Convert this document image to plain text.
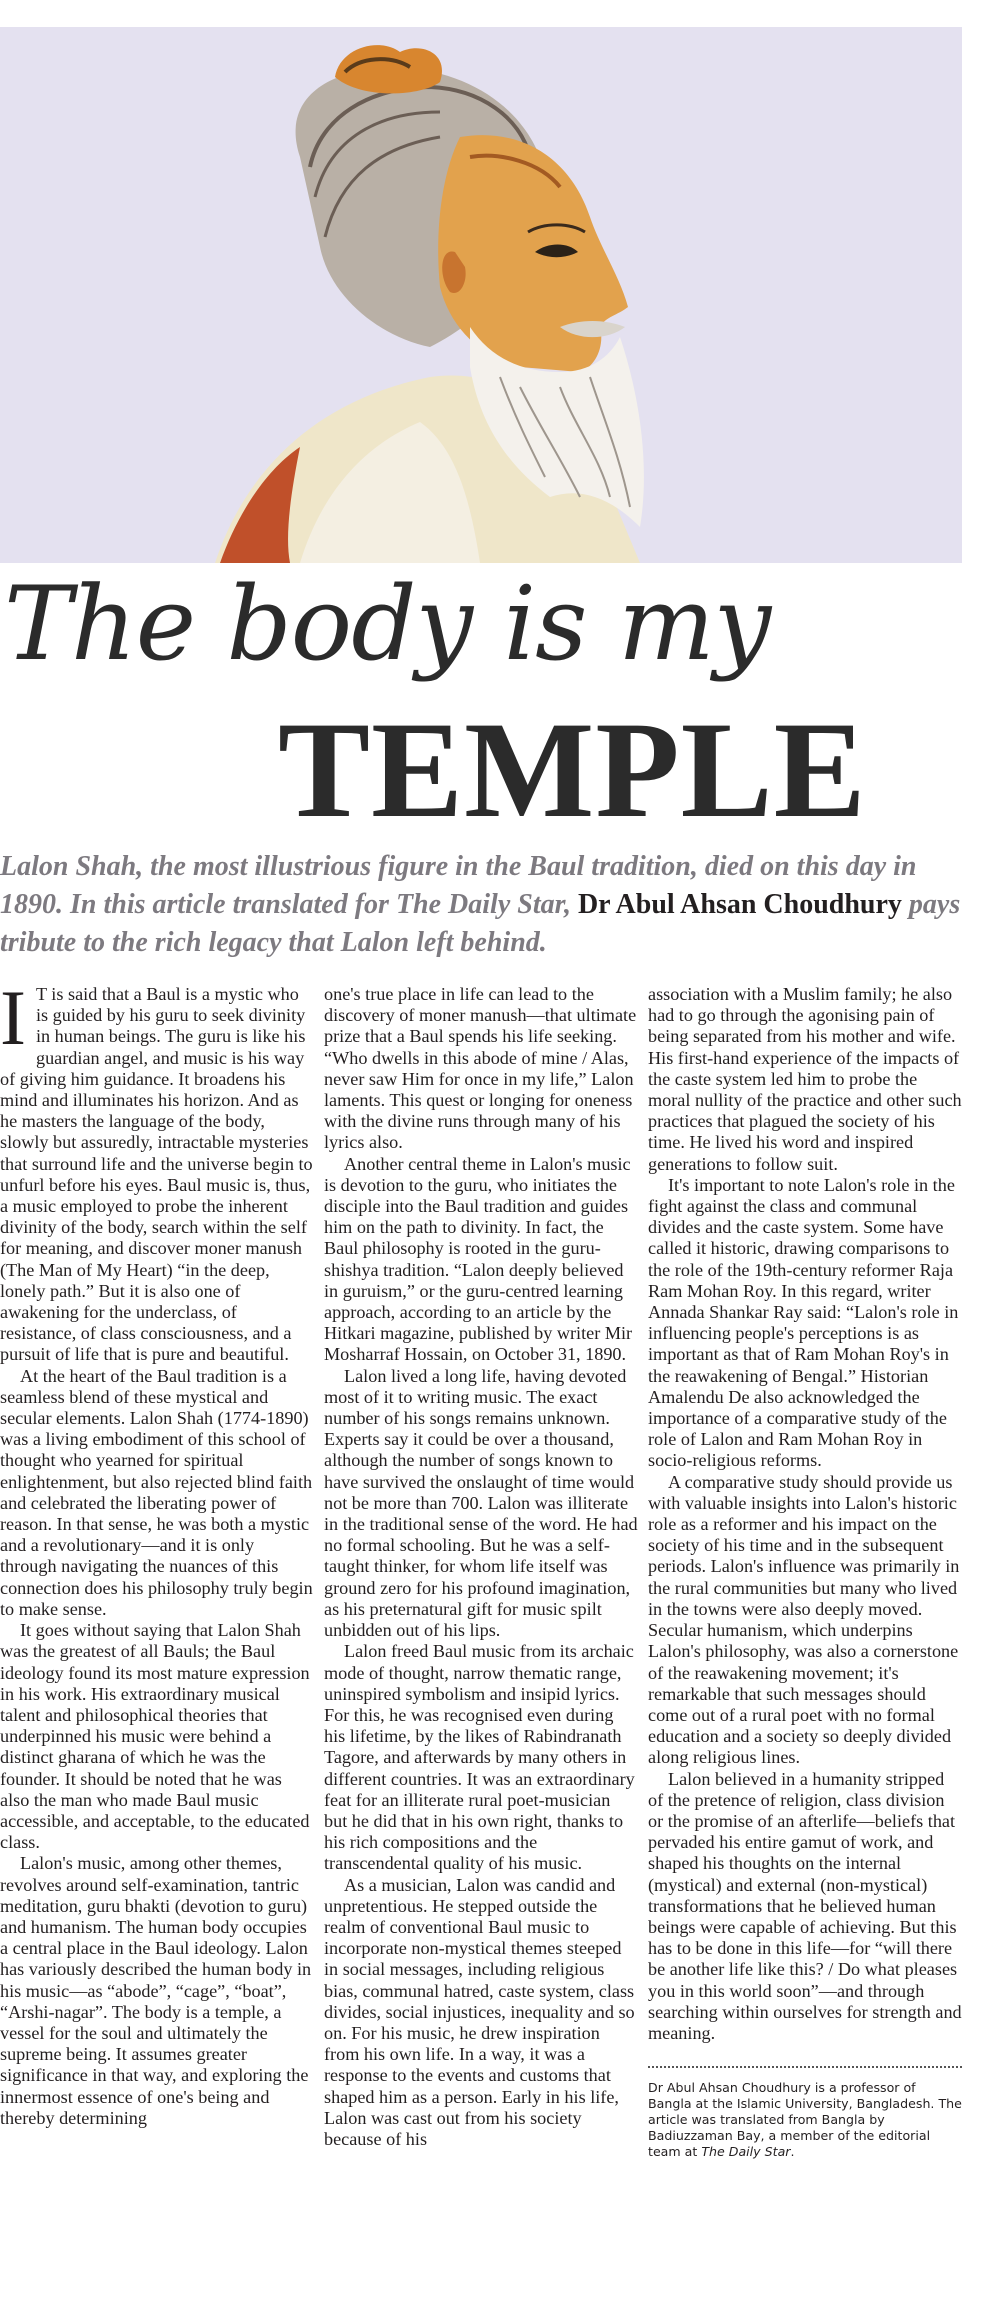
The body is my
TEMPLE
Lalon Shah, the most illustrious figure in the Baul tradition, died on this day in 1890. In this article translated for The Daily Star, Dr Abul Ahsan Choudhury pays tribute to the rich legacy that Lalon left behind.
I T is said that a Baul is a mystic who is guided by his guru to seek divinity in human beings. The guru is like his guardian angel, and music is his way of giving him guidance. It broadens his mind and illuminates his horizon. And as he masters the language of the body, slowly but assuredly, intractable mysteries that surround life and the universe begin to unfurl before his eyes. Baul music is, thus, a music employed to probe the inherent divinity of the body, search within the self for meaning, and discover moner manush (The Man of My Heart) “in the deep, lonely path.” But it is also one of awakening for the underclass, of resistance, of class consciousness, and a pursuit of life that is pure and beautiful.

At the heart of the Baul tradition is a seamless blend of these mystical and secular elements. Lalon Shah (1774-1890) was a living embodiment of this school of thought who yearned for spiritual enlightenment, but also rejected blind faith and celebrated the liberating power of reason. In that sense, he was both a mystic and a revolutionary—and it is only through navigating the nuances of this connection does his philosophy truly begin to make sense.

It goes without saying that Lalon Shah was the greatest of all Bauls; the Baul ideology found its most mature expression in his work. His extraordinary musical talent and philosophical theories that underpinned his music were behind a distinct gharana of which he was the founder. It should be noted that he was also the man who made Baul music accessible, and acceptable, to the educated class.

Lalon's music, among other themes, revolves around self-examination, tantric meditation, guru bhakti (devotion to guru) and humanism. The human body occupies a central place in the Baul ideology. Lalon has variously described the human body in his music—as “abode”, “cage”, “boat”, “Arshi-nagar”. The body is a temple, a vessel for the soul and ultimately the supreme being. It assumes greater significance in that way, and exploring the innermost essence of one's being and thereby determining

one's true place in life can lead to the discovery of moner manush—that ultimate prize that a Baul spends his life seeking. “Who dwells in this abode of mine / Alas, never saw Him for once in my life,” Lalon laments. This quest or longing for oneness with the divine runs through many of his lyrics also.

Another central theme in Lalon's music is devotion to the guru, who initiates the disciple into the Baul tradition and guides him on the path to divinity. In fact, the Baul philosophy is rooted in the guru-shishya tradition. “Lalon deeply believed in guruism,” or the guru-centred learning approach, according to an article by the Hitkari magazine, published by writer Mir Mosharraf Hossain, on October 31, 1890.

Lalon lived a long life, having devoted most of it to writing music. The exact number of his songs remains unknown. Experts say it could be over a thousand, although the number of songs known to have survived the onslaught of time would not be more than 700. Lalon was illiterate in the traditional sense of the word. He had no formal schooling. But he was a self-taught thinker, for whom life itself was ground zero for his profound imagination, as his preternatural gift for music spilt unbidden out of his lips.

Lalon freed Baul music from its archaic mode of thought, narrow thematic range, uninspired symbolism and insipid lyrics. For this, he was recognised even during his lifetime, by the likes of Rabindranath Tagore, and afterwards by many others in different countries. It was an extraordinary feat for an illiterate rural poet-musician but he did that in his own right, thanks to his rich compositions and the transcendental quality of his music.

As a musician, Lalon was candid and unpretentious. He stepped outside the realm of conventional Baul music to incorporate non-mystical themes steeped in social messages, including religious bias, communal hatred, caste system, class divides, social injustices, inequality and so on. For his music, he drew inspiration from his own life. In a way, it was a response to the events and customs that shaped him as a person. Early in his life, Lalon was cast out from his society because of his

association with a Muslim family; he also had to go through the agonising pain of being separated from his mother and wife. His first-hand experience of the impacts of the caste system led him to probe the moral nullity of the practice and other such practices that plagued the society of his time. He lived his word and inspired generations to follow suit.

It's important to note Lalon's role in the fight against the class and communal divides and the caste system. Some have called it historic, drawing comparisons to the role of the 19th-century reformer Raja Ram Mohan Roy. In this regard, writer Annada Shankar Ray said: “Lalon's role in influencing people's perceptions is as important as that of Ram Mohan Roy's in the reawakening of Bengal.” Historian Amalendu De also acknowledged the importance of a comparative study of the role of Lalon and Ram Mohan Roy in socio-religious reforms.

A comparative study should provide us with valuable insights into Lalon's historic role as a reformer and his impact on the society of his time and in the subsequent periods. Lalon's influence was primarily in the rural communities but many who lived in the towns were also deeply moved. Secular humanism, which underpins Lalon's philosophy, was also a cornerstone of the reawakening movement; it's remarkable that such messages should come out of a rural poet with no formal education and a society so deeply divided along religious lines.

Lalon believed in a humanity stripped of the pretence of religion, class division or the promise of an afterlife—beliefs that pervaded his entire gamut of work, and shaped his thoughts on the internal (mystical) and external (non-mystical) transformations that he believed human beings were capable of achieving. But this has to be done in this life—for “will there be another life like this? / Do what pleases you in this world soon”—and through searching within ourselves for strength and meaning.

Dr Abul Ahsan Choudhury is a professor of Bangla at the Islamic University, Bangladesh. The article was translated from Bangla by Badiuzzaman Bay, a member of the editorial team at The Daily Star.
